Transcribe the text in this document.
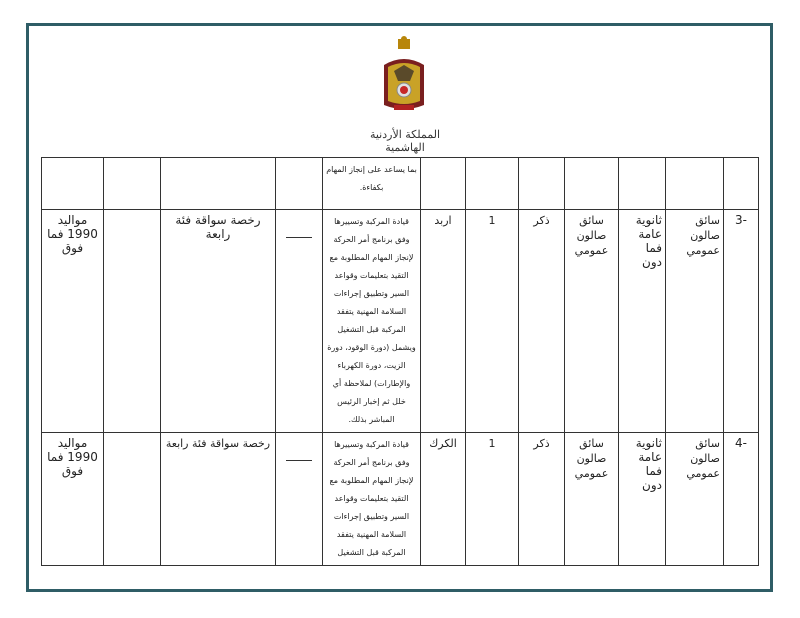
المملكة الأردنية الهاشمية
							بما يساعد على إنجاز المهام بكفاءة.				
-3	سائق صالون عمومي	ثانوية عامة فما دون	سائق صالون عمومي	ذكر	1	اربد	قيادة المركبة وتسييرها وفق برنامج أمر الحركة لإنجاز المهام المطلوبة مع التقيد بتعليمات وقواعد السير وتطبيق إجراءات السلامة المهنية يتفقد المركبة قبل التشغيل ويشمل (دورة الوقود، دورة الزيت، دورة الكهرباء والإطارات) لملاحظة أي خلل ثم إخبار الرئيس المباشر بذلك.		رخصة سواقة فئة رابعة		مواليد 1990 فما فوق
-4	سائق صالون عمومي	ثانوية عامة فما دون	سائق صالون عمومي	ذكر	1	الكرك	قيادة المركبة وتسييرها وفق برنامج أمر الحركة لإنجاز المهام المطلوبة مع التقيد بتعليمات وقواعد السير وتطبيق إجراءات السلامة المهنية يتفقد المركبة قبل التشغيل		رخصة سواقة فئة رابعة		مواليد 1990 فما فوق
